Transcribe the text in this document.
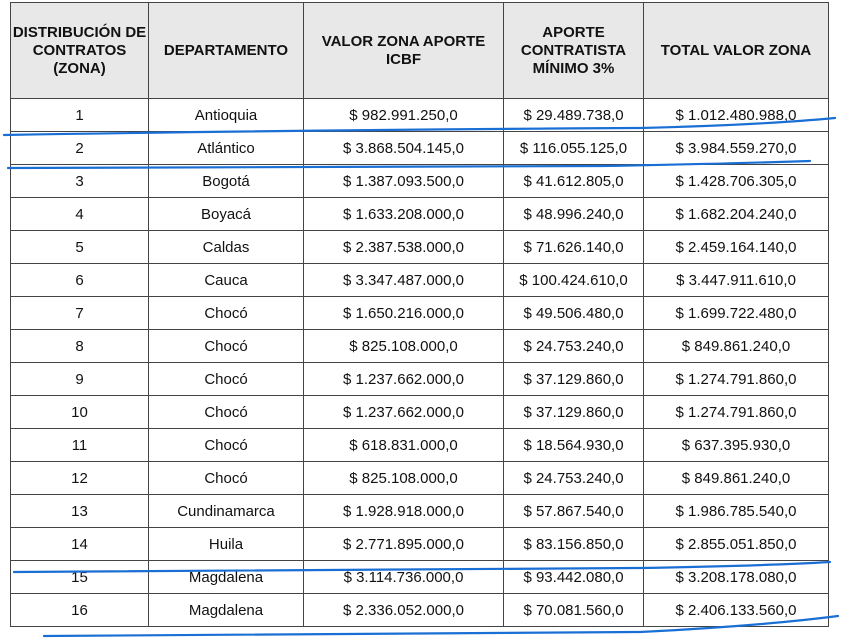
DISTRIBUCIÓN DE CONTRATOS (ZONA)	DEPARTAMENTO	VALOR ZONA APORTE ICBF	APORTE CONTRATISTA MÍNIMO 3%	TOTAL VALOR ZONA
1	Antioquia	$ 982.991.250,0	$ 29.489.738,0	$ 1.012.480.988,0
2	Atlántico	$ 3.868.504.145,0	$ 116.055.125,0	$ 3.984.559.270,0
3	Bogotá	$ 1.387.093.500,0	$ 41.612.805,0	$ 1.428.706.305,0
4	Boyacá	$ 1.633.208.000,0	$ 48.996.240,0	$ 1.682.204.240,0
5	Caldas	$ 2.387.538.000,0	$ 71.626.140,0	$ 2.459.164.140,0
6	Cauca	$ 3.347.487.000,0	$ 100.424.610,0	$ 3.447.911.610,0
7	Chocó	$ 1.650.216.000,0	$ 49.506.480,0	$ 1.699.722.480,0
8	Chocó	$ 825.108.000,0	$ 24.753.240,0	$ 849.861.240,0
9	Chocó	$ 1.237.662.000,0	$ 37.129.860,0	$ 1.274.791.860,0
10	Chocó	$ 1.237.662.000,0	$ 37.129.860,0	$ 1.274.791.860,0
11	Chocó	$ 618.831.000,0	$ 18.564.930,0	$ 637.395.930,0
12	Chocó	$ 825.108.000,0	$ 24.753.240,0	$ 849.861.240,0
13	Cundinamarca	$ 1.928.918.000,0	$ 57.867.540,0	$ 1.986.785.540,0
14	Huila	$ 2.771.895.000,0	$ 83.156.850,0	$ 2.855.051.850,0
15	Magdalena	$ 3.114.736.000,0	$ 93.442.080,0	$ 3.208.178.080,0
16	Magdalena	$ 2.336.052.000,0	$ 70.081.560,0	$ 2.406.133.560,0
